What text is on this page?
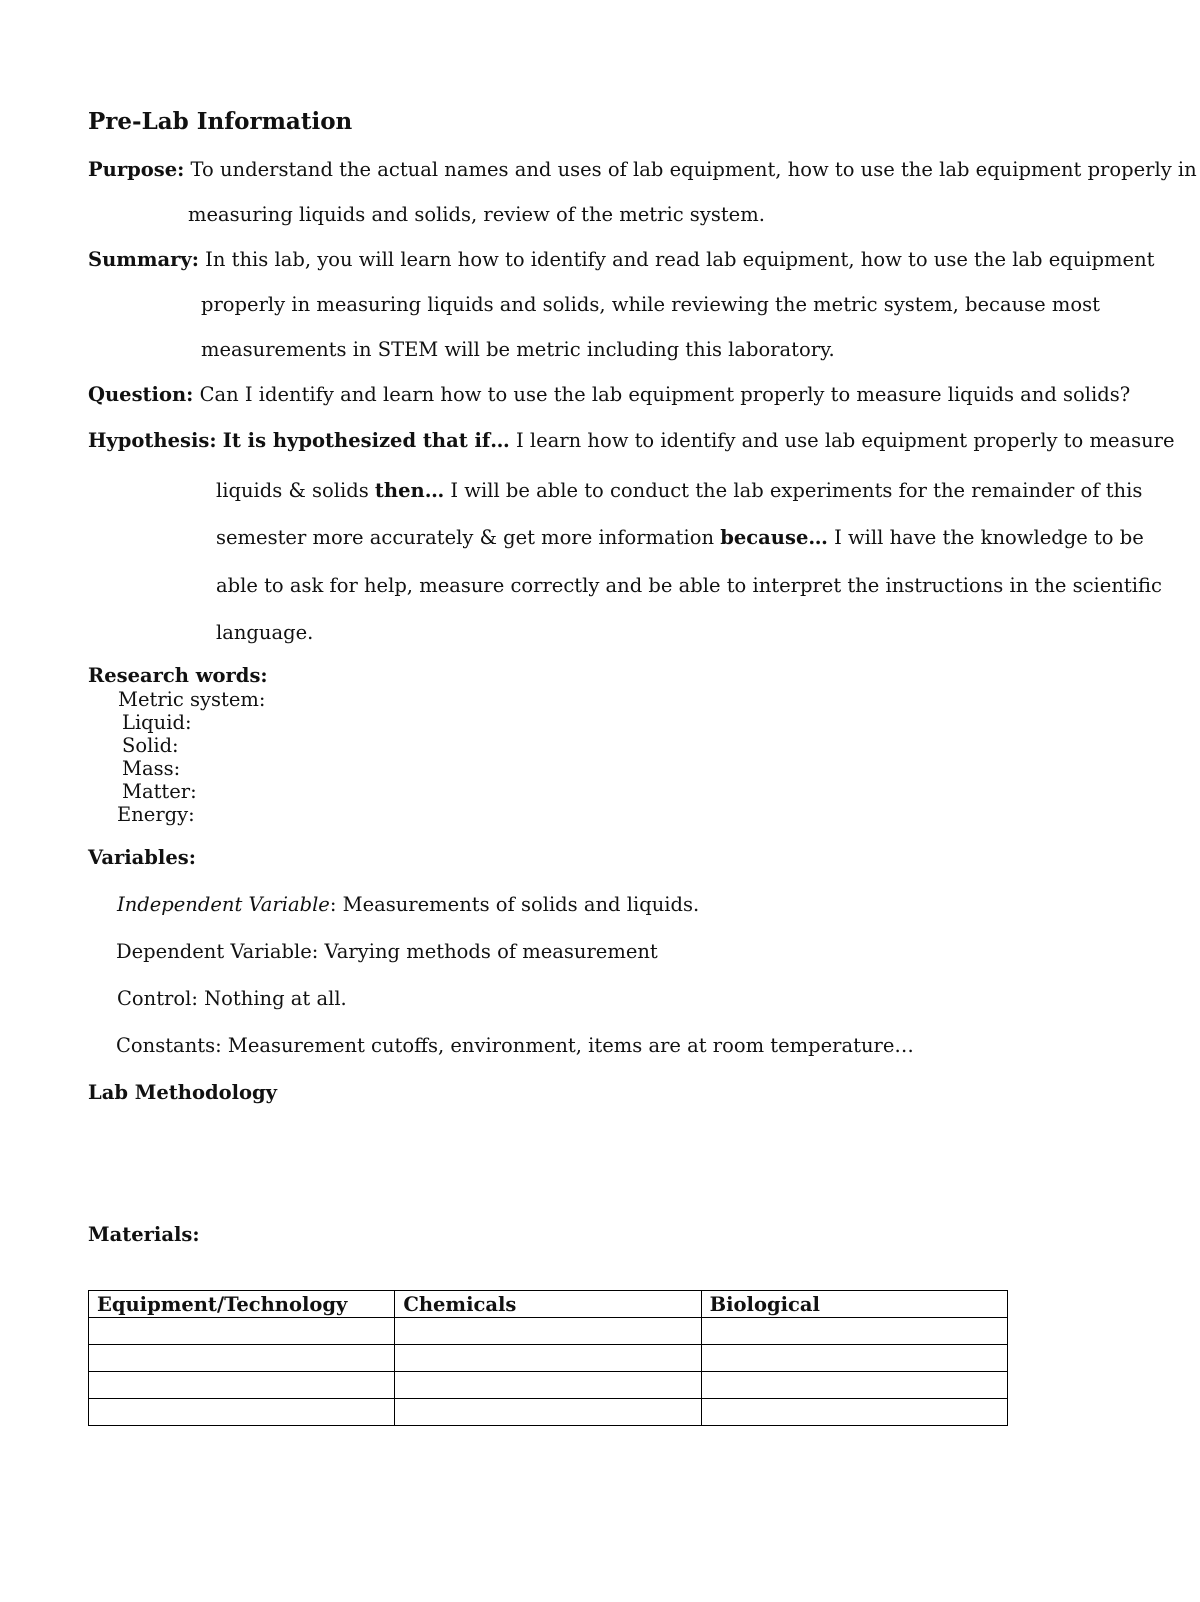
Pre-Lab Information
Purpose: To understand the actual names and uses of lab equipment, how to use the lab equipment properly in
measuring liquids and solids, review of the metric system.
Summary: In this lab, you will learn how to identify and read lab equipment, how to use the lab equipment
properly in measuring liquids and solids, while reviewing the metric system, because most
measurements in STEM will be metric including this laboratory.
Question: Can I identify and learn how to use the lab equipment properly to measure liquids and solids?
Hypothesis: It is hypothesized that if… I learn how to identify and use lab equipment properly to measure
liquids & solids then… I will be able to conduct the lab experiments for the remainder of this
semester more accurately & get more information because… I will have the knowledge to be
able to ask for help, measure correctly and be able to interpret the instructions in the scientific
language.
Research words:
Metric system:
Liquid:
Solid:
Mass:
Matter:
Energy:
Variables:
Independent Variable: Measurements of solids and liquids.
Dependent Variable: Varying methods of measurement
Control: Nothing at all.
Constants: Measurement cutoffs, environment, items are at room temperature…
Lab Methodology
Materials:
Equipment/Technology	Chemicals	Biological
